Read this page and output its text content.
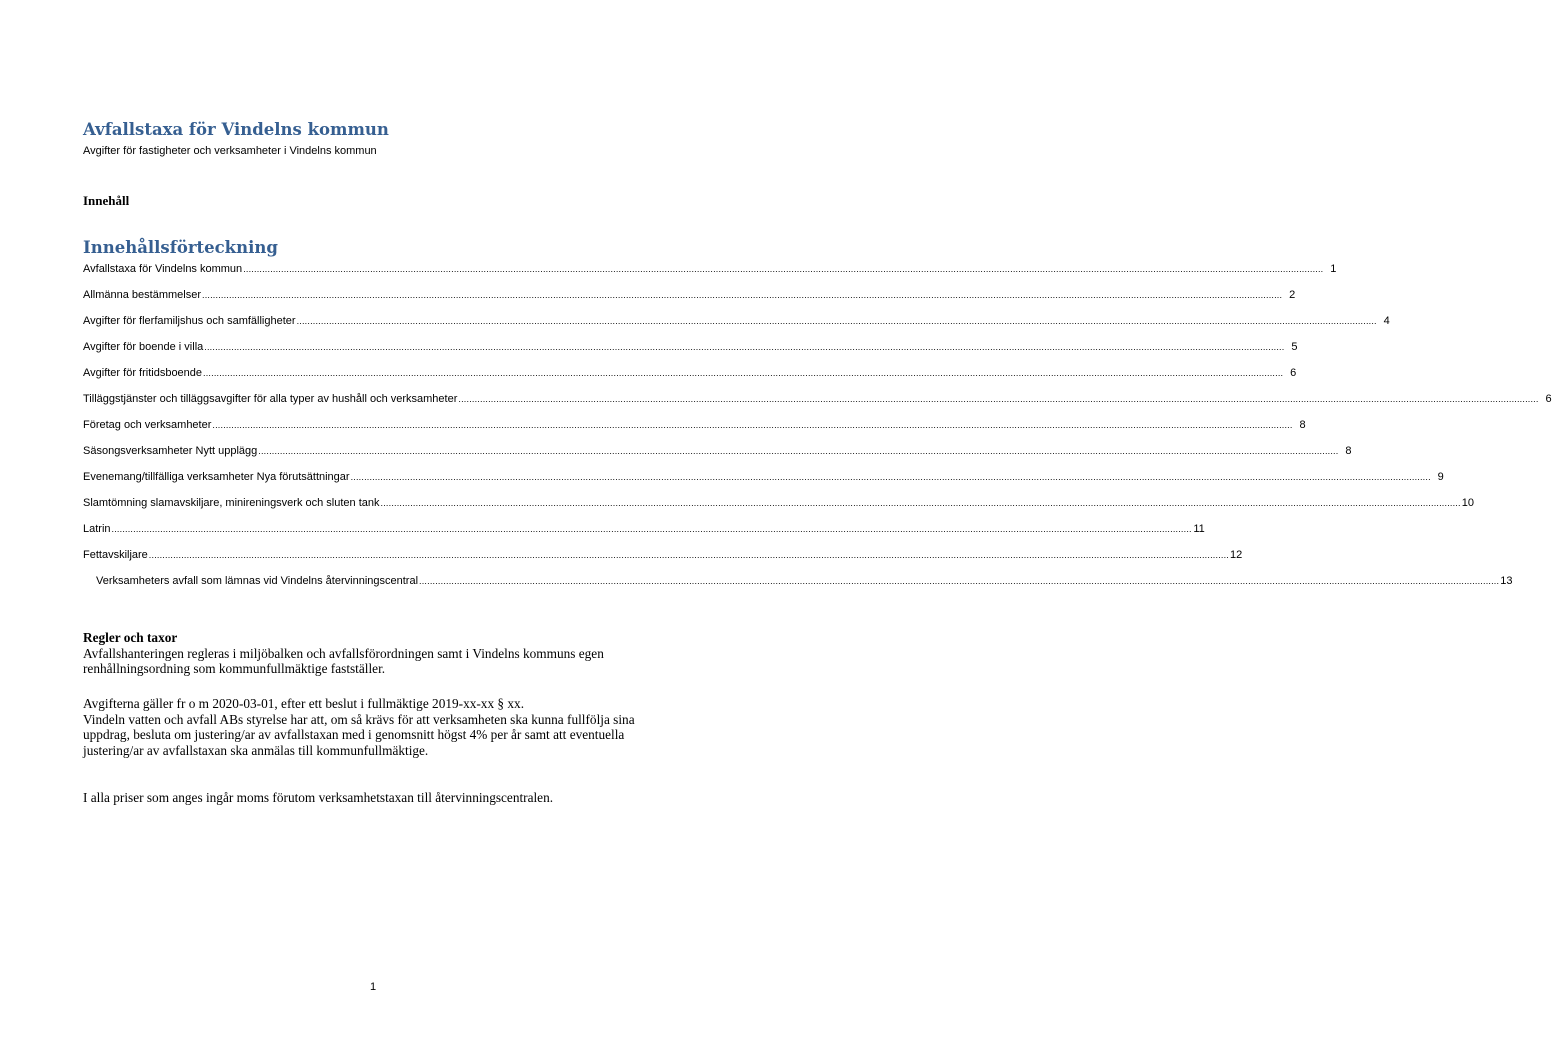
Avfallstaxa för Vindelns kommun
Avgifter för fastigheter och verksamheter i Vindelns kommun
Innehåll
Innehållsförteckning
Avfallstaxa för Vindelns kommun ................................................................................................................................................................................................................................................................................................................................................................................................................ 1
Allmänna bestämmelser ................................................................................................................................................................................................................................................................................................................................................................................................................ 2
Avgifter för flerfamiljshus och samfälligheter ................................................................................................................................................................................................................................................................................................................................................................................................................ 4
Avgifter för boende i villa ................................................................................................................................................................................................................................................................................................................................................................................................................ 5
Avgifter för fritidsboende ................................................................................................................................................................................................................................................................................................................................................................................................................ 6
Tilläggstjänster och tilläggsavgifter för alla typer av hushåll och verksamheter ................................................................................................................................................................................................................................................................................................................................................................................................................ 6
Företag och verksamheter ................................................................................................................................................................................................................................................................................................................................................................................................................ 8
Säsongsverksamheter Nytt upplägg ................................................................................................................................................................................................................................................................................................................................................................................................................ 8
Evenemang/tillfälliga verksamheter Nya förutsättningar ................................................................................................................................................................................................................................................................................................................................................................................................................ 9
Slamtömning slamavskiljare, minireningsverk och sluten tank ................................................................................................................................................................................................................................................................................................................................................................................................................ 10
Latrin ................................................................................................................................................................................................................................................................................................................................................................................................................ 11
Fettavskiljare ................................................................................................................................................................................................................................................................................................................................................................................................................ 12
Verksamheters avfall som lämnas vid Vindelns återvinningscentral ................................................................................................................................................................................................................................................................................................................................................................................................................ 13
Regler och taxor
Avfallshanteringen regleras i miljöbalken och avfallsförordningen samt i Vindelns kommuns egen renhållningsordning som kommunfullmäktige fastställer.
Avgifterna gäller fr o m 2020-03-01, efter ett beslut i fullmäktige 2019-xx-xx § xx.
Vindeln vatten och avfall ABs styrelse har att, om så krävs för att verksamheten ska kunna fullfölja sina uppdrag, besluta om justering/ar av avfallstaxan med i genomsnitt högst 4% per år samt att eventuella justering/ar av avfallstaxan ska anmälas till kommunfullmäktige.
I alla priser som anges ingår moms förutom verksamhetstaxan till återvinningscentralen.
1
